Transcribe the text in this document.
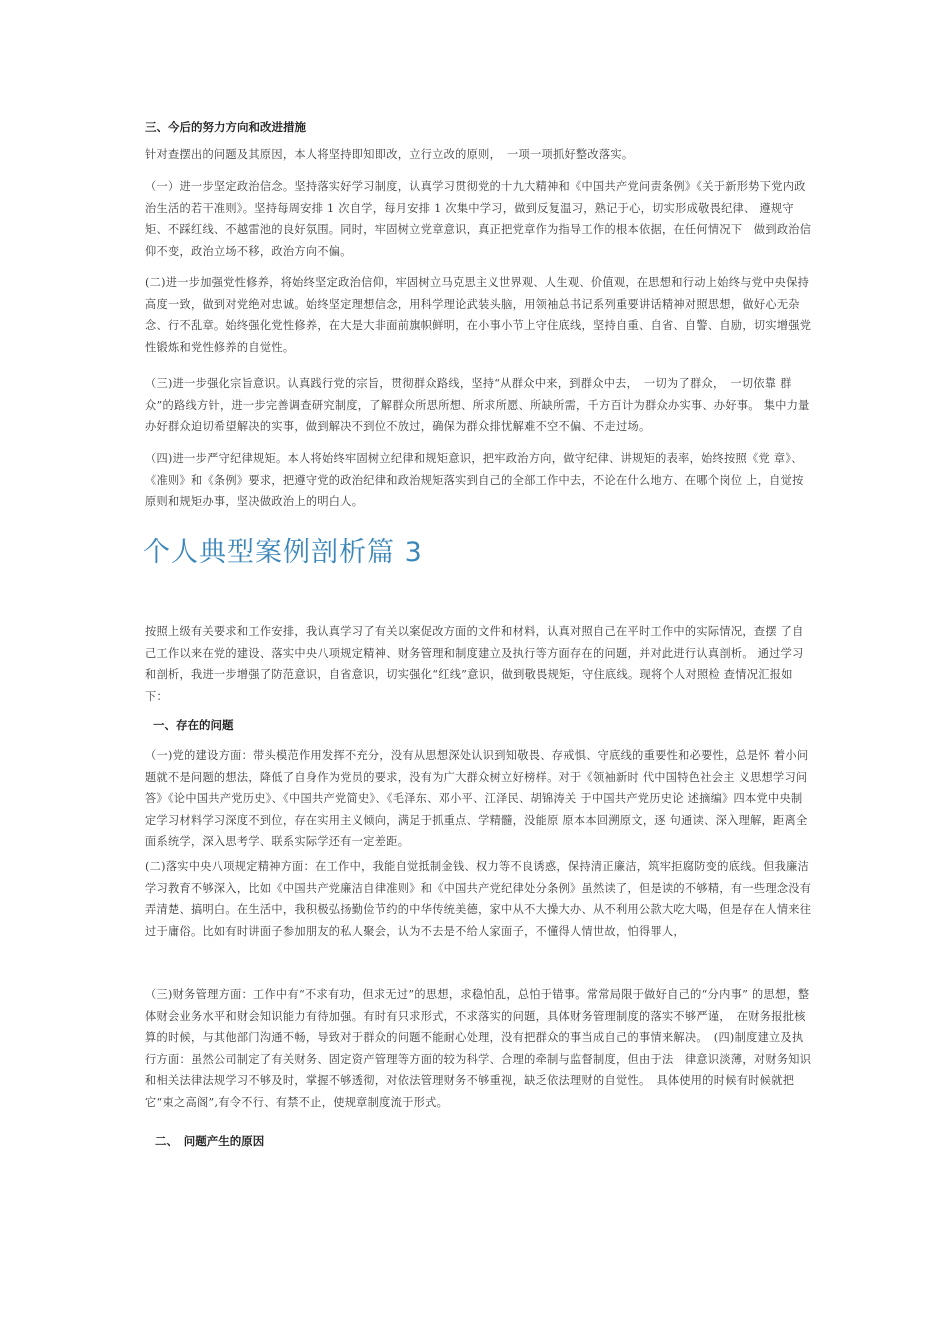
三、今后的努力方向和改进措施
针对查摆出的问题及其原因，本人将坚持即知即改，立行立改的原则，　一项一项抓好整改落实。
（一）进一步坚定政治信念。坚持落实好学习制度，认真学习贯彻党的十九大精神和《中国共产党问责条例》《关于新形势下党内政治生活的若干准则》。坚持每周安排 1 次自学，每月安排 1 次集中学习，做到反复温习，熟记于心，切实形成敬畏纪律、 遵规守矩、不踩红线、不越雷池的良好氛围。同时，牢固树立党章意识，真正把党章作为指导工作的根本依据，在任何情况下　做到政治信仰不变，政治立场不移，政治方向不偏。
(二)进一步加强党性修养，将始终坚定政治信仰，牢固树立马克思主义世界观、人生观、价值观，在思想和行动上始终与党中央保持高度一致，做到对党绝对忠诚。始终坚定理想信念，用科学理论武装头脑，用领袖总书记系列重要讲话精神对照思想，做好心无杂念、行不乱章。始终强化党性修养，在大是大非面前旗帜鲜明，在小事小节上守住底线，坚持自重、自省、自警、自励，切实增强党性锻炼和党性修养的自觉性。
（三)进一步强化宗旨意识。认真践行党的宗旨，贯彻群众路线，坚持“从群众中来，到群众中去，　一切为了群众，　一切依靠 群众”的路线方针，进一步完善调查研究制度，了解群众所思所想、所求所愿、所缺所需，千方百计为群众办实事、办好事。 集中力量办好群众迫切希望解决的实事，做到解决不到位不放过，确保为群众排忧解难不空不偏、不走过场。
（四)进一步严守纪律规矩。本人将始终牢固树立纪律和规矩意识，把牢政治方向，做守纪律、讲规矩的表率，始终按照《党 章》、《准则》和《条例》要求，把遵守党的政治纪律和政治规矩落实到自己的全部工作中去，不论在什么地方、在哪个岗位 上，自觉按原则和规矩办事，坚决做政治上的明白人。
个人典型案例剖析篇 3
按照上级有关要求和工作安排，我认真学习了有关以案促改方面的文件和材料，认真对照自己在平时工作中的实际情况，查摆 了自己工作以来在党的建设、落实中央八项规定精神、财务管理和制度建立及执行等方面存在的问题，并对此进行认真剖析。 通过学习和剖析，我进一步增强了防范意识，自省意识，切实强化“红线”意识，做到敬畏规矩，守住底线。现将个人对照检 查情况汇报如下：
一、存在的问题
（一)党的建设方面：带头模范作用发挥不充分，没有从思想深处认识到知敬畏、存戒惧、守底线的重要性和必要性，总是怀 着小问题就不是问题的想法，降低了自身作为党员的要求，没有为广大群众树立好榜样。对于《领袖新时 代中国特色社会主 义思想学习问答》《论中国共产党历史》、《中国共产党简史》、《毛泽东、邓小平、江泽民、胡锦涛关 于中国共产党历史论 述摘编》四本党中央制定学习材料学习深度不到位，存在实用主义倾向，满足于抓重点、学精髓，没能原 原本本回溯原文，逐 句通读、深入理解，距离全面系统学，深入思考学、联系实际学还有一定差距。
(二)落实中央八项规定精神方面：在工作中，我能自觉抵制金钱、权力等不良诱惑，保持清正廉洁，筑牢拒腐防变的底线。但我廉洁学习教育不够深入，比如《中国共产党廉洁自律准则》和《中国共产党纪律处分条例》虽然读了，但是读的不够精，有一些理念没有弄清楚、搞明白。在生活中，我积极弘扬勤俭节约的中华传统美德，家中从不大操大办、从不利用公款大吃大喝，但是存在人情来往过于庸俗。比如有时讲面子参加朋友的私人聚会，认为不去是不给人家面子，不懂得人情世故，怕得罪人，
（三)财务管理方面：工作中有“不求有功，但求无过”的思想，求稳怕乱，总怕于错事。常常局限于做好自己的“分内事” 的思想，整体财会业务水平和财会知识能力有待加强。有时有只求形式，不求落实的问题，具体财务管理制度的落实不够严谨，　在财务报批核算的时候，与其他部门沟通不畅，导致对于群众的问题不能耐心处理，没有把群众的事当成自己的事情来解决。　(四)制度建立及执行方面：虽然公司制定了有关财务、固定资产管理等方面的较为科学、合理的牵制与监督制度，但由于法　律意识淡薄，对财务知识和相关法律法规学习不够及时，掌握不够透彻，对依法管理财务不够重视，缺乏依法理财的自觉性。　具体使用的时候有时候就把它“束之高阁”,有令不行、有禁不止，使规章制度流于形式。
二、　问题产生的原因
